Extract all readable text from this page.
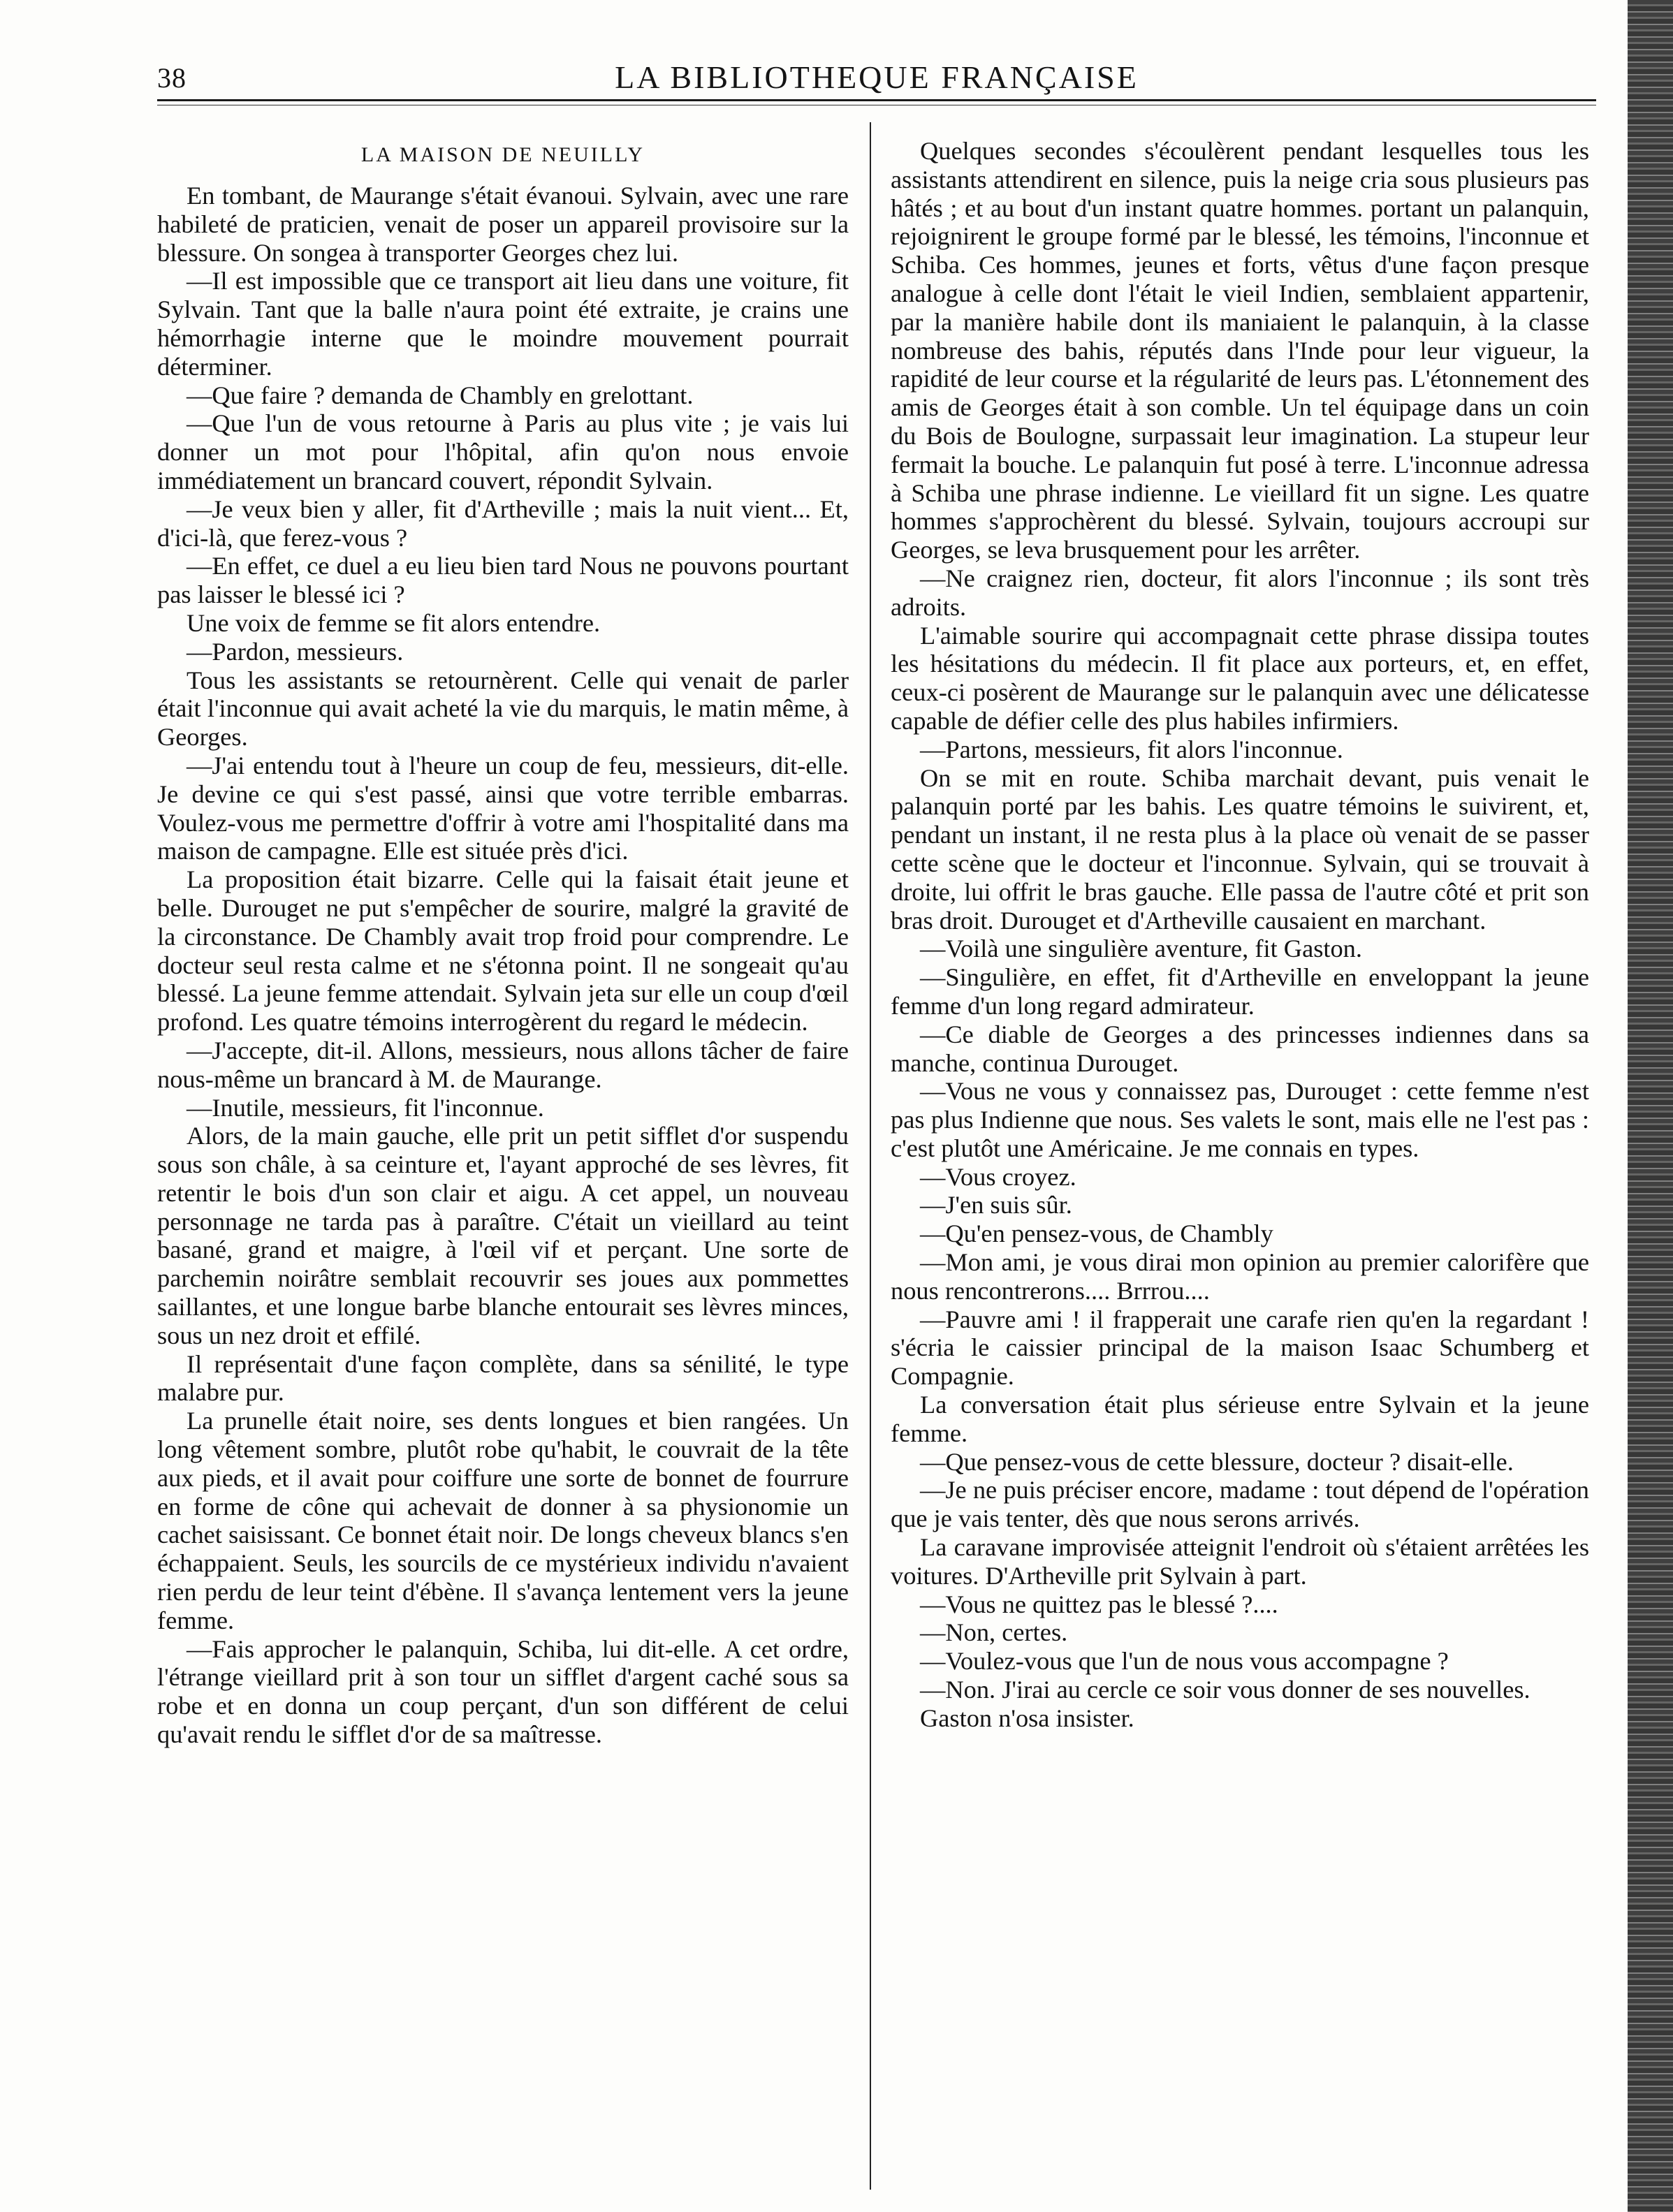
38	LA BIBLIOTHEQUE FRANÇAISE
LA MAISON DE NEUILLY

En tombant, de Maurange s'était évanoui. Sylvain, avec une rare habileté de praticien, venait de poser un appareil provisoire sur la blessure. On songea à transporter Georges chez lui.

—Il est impossible que ce transport ait lieu dans une voiture, fit Sylvain. Tant que la balle n'aura point été extraite, je crains une hémorrhagie interne que le moindre mouvement pourrait déterminer.

—Que faire ? demanda de Chambly en grelottant.

—Que l'un de vous retourne à Paris au plus vite ; je vais lui donner un mot pour l'hôpital, afin qu'on nous envoie immédiatement un brancard couvert, répondit Sylvain.

—Je veux bien y aller, fit d'Artheville ; mais la nuit vient... Et, d'ici-là, que ferez-vous ?

—En effet, ce duel a eu lieu bien tard Nous ne pouvons pourtant pas laisser le blessé ici ?

Une voix de femme se fit alors entendre.

—Pardon, messieurs.

Tous les assistants se retournèrent. Celle qui venait de parler était l'inconnue qui avait acheté la vie du marquis, le matin même, à Georges.

—J'ai entendu tout à l'heure un coup de feu, messieurs, dit-elle. Je devine ce qui s'est passé, ainsi que votre terrible embarras. Voulez-vous me permettre d'offrir à votre ami l'hospitalité dans ma maison de campagne. Elle est située près d'ici.

La proposition était bizarre. Celle qui la faisait était jeune et belle. Durouget ne put s'empêcher de sourire, malgré la gravité de la circonstance. De Chambly avait trop froid pour comprendre. Le docteur seul resta calme et ne s'étonna point. Il ne songeait qu'au blessé. La jeune femme attendait. Sylvain jeta sur elle un coup d'œil profond. Les quatre témoins interrogèrent du regard le médecin.

—J'accepte, dit-il. Allons, messieurs, nous allons tâcher de faire nous-même un brancard à M. de Maurange.

—Inutile, messieurs, fit l'inconnue.

Alors, de la main gauche, elle prit un petit sifflet d'or suspendu sous son châle, à sa ceinture et, l'ayant approché de ses lèvres, fit retentir le bois d'un son clair et aigu. A cet appel, un nouveau personnage ne tarda pas à paraître. C'était un vieillard au teint basané, grand et maigre, à l'œil vif et perçant. Une sorte de parchemin noirâtre semblait recouvrir ses joues aux pommettes saillantes, et une longue barbe blanche entourait ses lèvres minces, sous un nez droit et effilé.

Il représentait d'une façon complète, dans sa sénilité, le type malabre pur.

La prunelle était noire, ses dents longues et bien rangées. Un long vêtement sombre, plutôt robe qu'habit, le couvrait de la tête aux pieds, et il avait pour coiffure une sorte de bonnet de fourrure en forme de cône qui achevait de donner à sa physionomie un cachet saisissant. Ce bonnet était noir. De longs cheveux blancs s'en échappaient. Seuls, les sourcils de ce mystérieux individu n'avaient rien perdu de leur teint d'ébène. Il s'avança lentement vers la jeune femme.

—Fais approcher le palanquin, Schiba, lui dit-elle. A cet ordre, l'étrange vieillard prit à son tour un sifflet d'argent caché sous sa robe et en donna un coup perçant, d'un son différent de celui qu'avait rendu le sifflet d'or de sa maîtresse.

Quelques secondes s'écoulèrent pendant lesquelles tous les assistants attendirent en silence, puis la neige cria sous plusieurs pas hâtés ; et au bout d'un instant quatre hommes. portant un palanquin, rejoignirent le groupe formé par le blessé, les témoins, l'inconnue et Schiba. Ces hommes, jeunes et forts, vêtus d'une façon presque analogue à celle dont l'était le vieil Indien, semblaient appartenir, par la manière habile dont ils maniaient le palanquin, à la classe nombreuse des bahis, réputés dans l'Inde pour leur vigueur, la rapidité de leur course et la régularité de leurs pas. L'étonnement des amis de Georges était à son comble. Un tel équipage dans un coin du Bois de Boulogne, surpassait leur imagination. La stupeur leur fermait la bouche. Le palanquin fut posé à terre. L'inconnue adressa à Schiba une phrase indienne. Le vieillard fit un signe. Les quatre hommes s'approchèrent du blessé. Sylvain, toujours accroupi sur Georges, se leva brusquement pour les arrêter.

—Ne craignez rien, docteur, fit alors l'inconnue ; ils sont très adroits.

L'aimable sourire qui accompagnait cette phrase dissipa toutes les hésitations du médecin. Il fit place aux porteurs, et, en effet, ceux-ci posèrent de Maurange sur le palanquin avec une délicatesse capable de défier celle des plus habiles infirmiers.

—Partons, messieurs, fit alors l'inconnue.

On se mit en route. Schiba marchait devant, puis venait le palanquin porté par les bahis. Les quatre témoins le suivirent, et, pendant un instant, il ne resta plus à la place où venait de se passer cette scène que le docteur et l'inconnue. Sylvain, qui se trouvait à droite, lui offrit le bras gauche. Elle passa de l'autre côté et prit son bras droit. Durouget et d'Artheville causaient en marchant.

—Voilà une singulière aventure, fit Gaston.

—Singulière, en effet, fit d'Artheville en enveloppant la jeune femme d'un long regard admirateur.

—Ce diable de Georges a des princesses indiennes dans sa manche, continua Durouget.

—Vous ne vous y connaissez pas, Durouget : cette femme n'est pas plus Indienne que nous. Ses valets le sont, mais elle ne l'est pas : c'est plutôt une Américaine. Je me connais en types.

—Vous croyez.

—J'en suis sûr.

—Qu'en pensez-vous, de Chambly

—Mon ami, je vous dirai mon opinion au premier calorifère que nous rencontrerons.... Brrrou....

—Pauvre ami ! il frapperait une carafe rien qu'en la regardant ! s'écria le caissier principal de la maison Isaac Schumberg et Compagnie.

La conversation était plus sérieuse entre Sylvain et la jeune femme.

—Que pensez-vous de cette blessure, docteur ? disait-elle.

—Je ne puis préciser encore, madame : tout dépend de l'opération que je vais tenter, dès que nous serons arrivés.

La caravane improvisée atteignit l'endroit où s'étaient arrêtées les voitures. D'Artheville prit Sylvain à part.

—Vous ne quittez pas le blessé ?....

—Non, certes.

—Voulez-vous que l'un de nous vous accompagne ?

—Non. J'irai au cercle ce soir vous donner de ses nouvelles.

Gaston n'osa insister.
